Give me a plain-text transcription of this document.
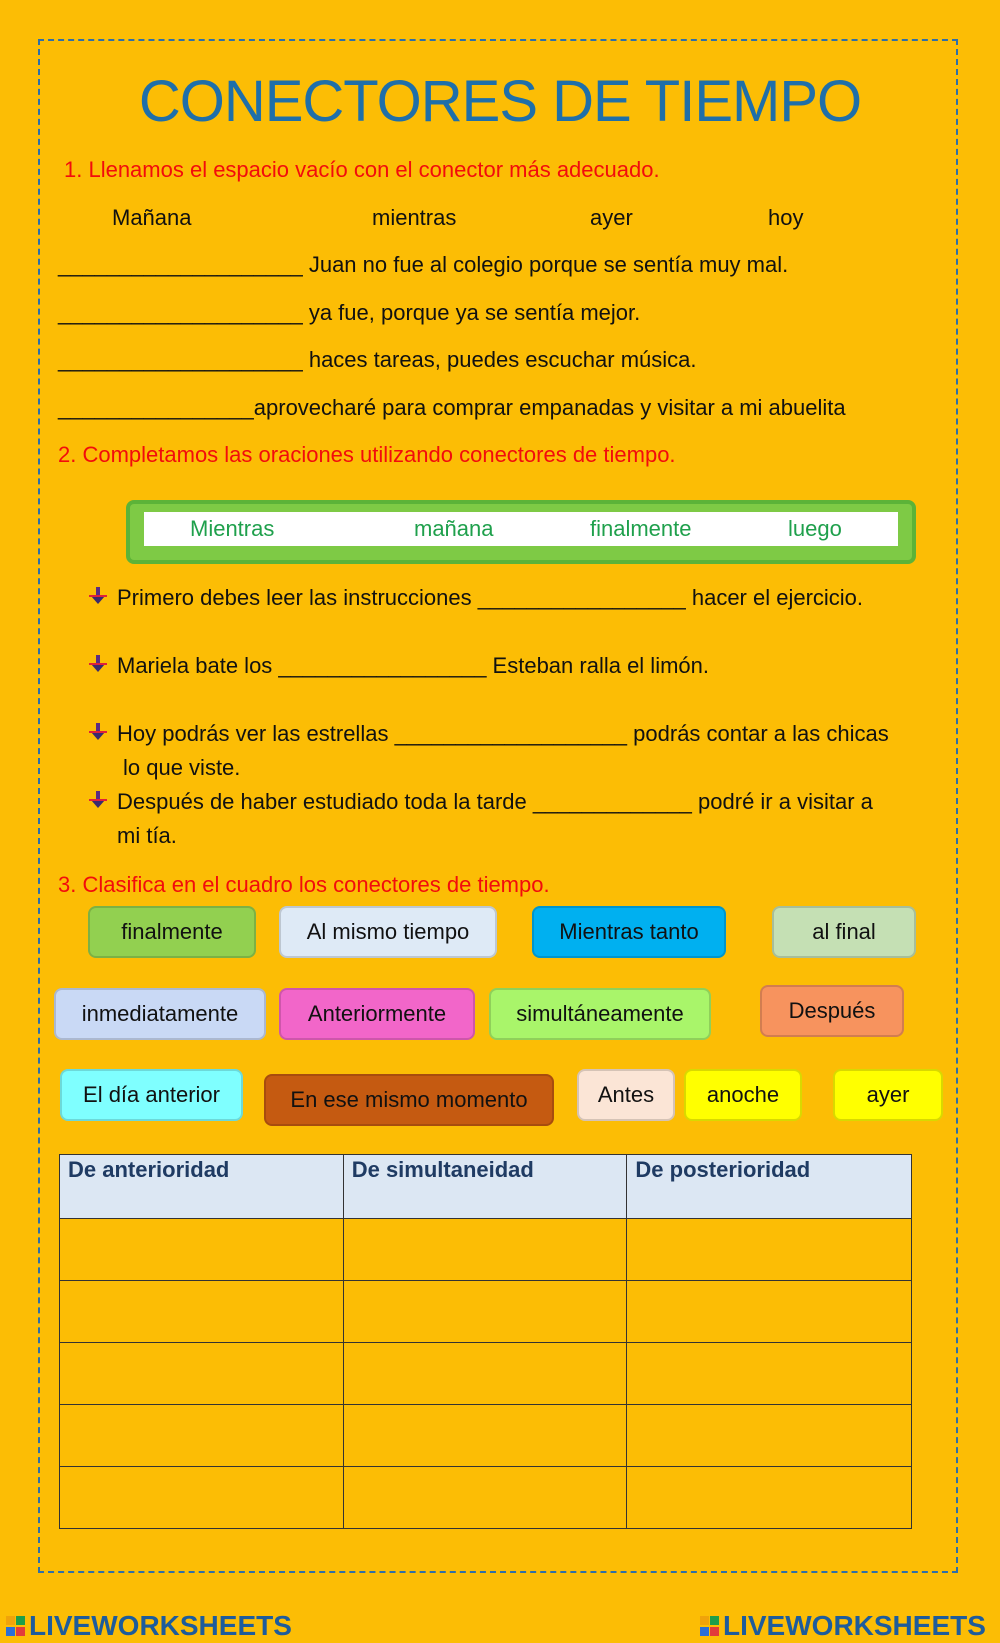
CONECTORES DE TIEMPO
1. Llenamos el espacio vacío con el conector más adecuado.
Mañana	mientras	ayer	hoy
____________________ Juan no fue al colegio porque se sentía muy mal.
____________________ ya fue, porque ya se sentía mejor.
____________________ haces tareas, puedes escuchar música.
________________aprovecharé para comprar empanadas y visitar a mi abuelita
2. Completamos las oraciones utilizando conectores de tiempo.
Mientras	mañana	finalmente	luego
Primero debes leer las instrucciones _________________ hacer el ejercicio.
Mariela bate los _________________ Esteban ralla el limón.
Hoy podrás ver las estrellas ___________________ podrás contar a las chicas
lo que viste.
Después de haber estudiado toda la tarde _____________ podré ir a visitar a
mi tía.
3. Clasifica en el cuadro los conectores de tiempo.
finalmente	Al mismo tiempo	Mientras tanto	al final
inmediatamente	Anteriormente	simultáneamente	Después
El día anterior	En ese mismo momento	Antes anoche	ayer
De anterioridad	De simultaneidad	De posterioridad

LIVEWORKSHEETS	LIVEWORKSHEETS
